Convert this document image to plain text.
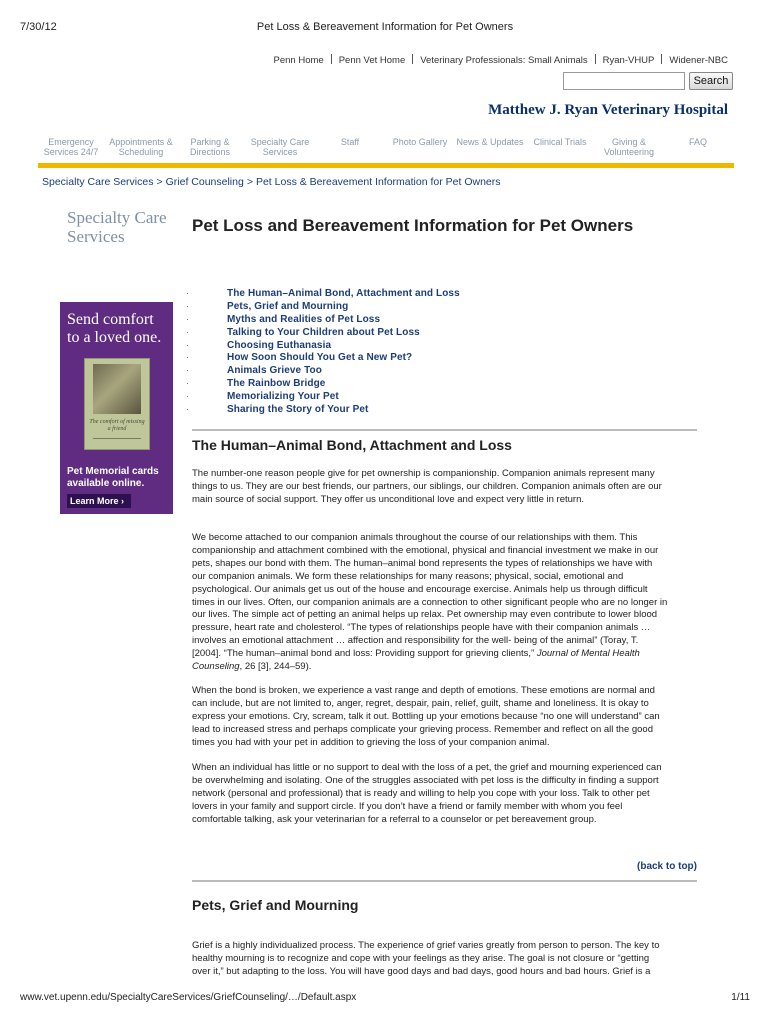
7/30/12	Pet Loss & Bereavement Information for Pet Owners
Penn Home Penn Vet Home Veterinary Professionals: Small Animals Ryan-VHUP Widener-NBC
Search
Matthew J. Ryan Veterinary Hospital
Emergency
Services 24/7
Appointments &
Scheduling
Parking &
Directions
Specialty Care
Services
Staff	Photo Gallery	News & Updates	Clinical Trials	Giving &
Volunteering
FAQ
Specialty Care Services > Grief Counseling > Pet Loss & Bereavement Information for Pet Owners
Specialty Care
Services
Send comfort
to a loved one.
The comfort of missing a friend
Pet Memorial cards
available online.
Learn More ›
Pet Loss and Bereavement Information for Pet Owners
·	The Human–Animal Bond, Attachment and Loss
·	Pets, Grief and Mourning
·	Myths and Realities of Pet Loss
·	Talking to Your Children about Pet Loss
·	Choosing Euthanasia
·	How Soon Should You Get a New Pet?
·	Animals Grieve Too
·	The Rainbow Bridge
·	Memorializing Your Pet
·	Sharing the Story of Your Pet
The Human–Animal Bond, Attachment and Loss
The number-one reason people give for pet ownership is companionship. Companion animals represent many
things to us. They are our best friends, our partners, our siblings, our children. Companion animals often are our
main source of social support. They offer us unconditional love and expect very little in return.
We become attached to our companion animals throughout the course of our relationships with them. This
companionship and attachment combined with the emotional, physical and financial investment we make in our
pets, shapes our bond with them. The human–animal bond represents the types of relationships we have with
our companion animals. We form these relationships for many reasons; physical, social, emotional and
psychological. Our animals get us out of the house and encourage exercise. Animals help us through difficult
times in our lives. Often, our companion animals are a connection to other significant people who are no longer in
our lives. The simple act of petting an animal helps up relax. Pet ownership may even contribute to lower blood
pressure, heart rate and cholesterol. “The types of relationships people have with their companion animals …
involves an emotional attachment … affection and responsibility for the well- being of the animal” (Toray, T.
[2004]. “The human–animal bond and loss: Providing support for grieving clients,” Journal of Mental Health
Counseling, 26 [3], 244–59).
When the bond is broken, we experience a vast range and depth of emotions. These emotions are normal and
can include, but are not limited to, anger, regret, despair, pain, relief, guilt, shame and loneliness. It is okay to
express your emotions. Cry, scream, talk it out. Bottling up your emotions because “no one will understand” can
lead to increased stress and perhaps complicate your grieving process. Remember and reflect on all the good
times you had with your pet in addition to grieving the loss of your companion animal.
When an individual has little or no support to deal with the loss of a pet, the grief and mourning experienced can
be overwhelming and isolating. One of the struggles associated with pet loss is the difficulty in finding a support
network (personal and professional) that is ready and willing to help you cope with your loss. Talk to other pet
lovers in your family and support circle. If you don’t have a friend or family member with whom you feel
comfortable talking, ask your veterinarian for a referral to a counselor or pet bereavement group.
(back to top)
Pets, Grief and Mourning
Grief is a highly individualized process. The experience of grief varies greatly from person to person. The key to
healthy mourning is to recognize and cope with your feelings as they arise. The goal is not closure or “getting
over it,” but adapting to the loss. You will have good days and bad days, good hours and bad hours. Grief is a
www.vet.upenn.edu/SpecialtyCareServices/GriefCounseling/…/Default.aspx	1/11
